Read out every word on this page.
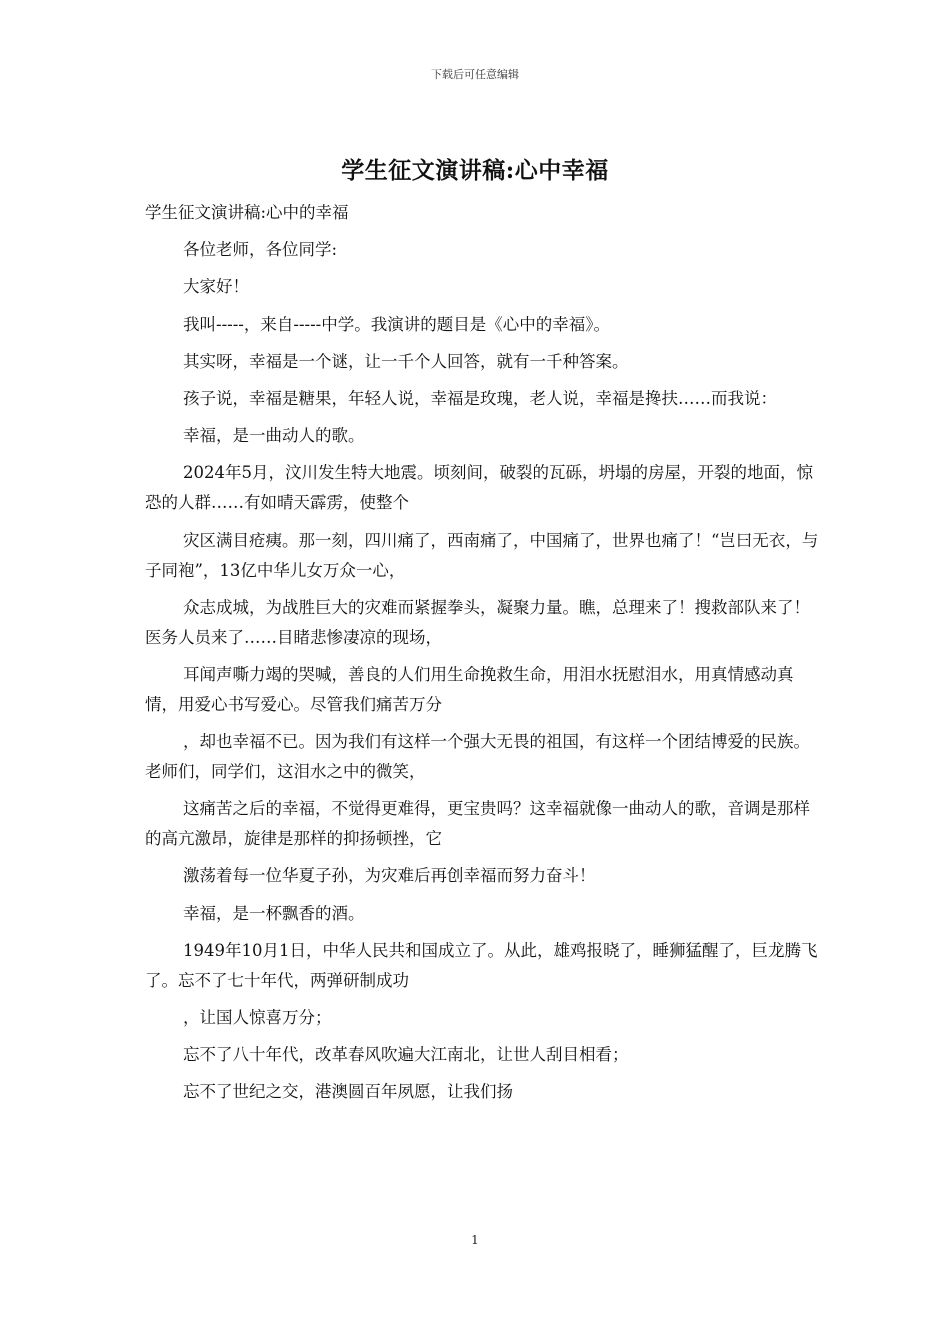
下载后可任意编辑
学生征文演讲稿:心中幸福

学生征文演讲稿:心中的幸福

各位老师，各位同学:

大家好！

我叫-----，来自-----中学。我演讲的题目是《心中的幸福》。

其实呀，幸福是一个谜，让一千个人回答，就有一千种答案。

孩子说，幸福是糖果，年轻人说，幸福是玫瑰，老人说，幸福是搀扶……而我说：

幸福，是一曲动人的歌。

2024年5月，汶川发生特大地震。顷刻间，破裂的瓦砾，坍塌的房屋，开裂的地面，惊恐的人群……有如晴天霹雳，使整个

灾区满目疮痍。那一刻，四川痛了，西南痛了，中国痛了，世界也痛了！“岂曰无衣，与子同袍”，13亿中华儿女万众一心，

众志成城，为战胜巨大的灾难而紧握拳头，凝聚力量。瞧，总理来了！搜救部队来了！医务人员来了……目睹悲惨凄凉的现场，

耳闻声嘶力竭的哭喊，善良的人们用生命挽救生命，用泪水抚慰泪水，用真情感动真情，用爱心书写爱心。尽管我们痛苦万分

，却也幸福不已。因为我们有这样一个强大无畏的祖国，有这样一个团结博爱的民族。老师们，同学们，这泪水之中的微笑，

这痛苦之后的幸福，不觉得更难得，更宝贵吗？这幸福就像一曲动人的歌，音调是那样的高亢激昂，旋律是那样的抑扬顿挫，它

激荡着每一位华夏子孙，为灾难后再创幸福而努力奋斗！

幸福，是一杯飘香的酒。

1949年10月1日，中华人民共和国成立了。从此，雄鸡报晓了，睡狮猛醒了，巨龙腾飞了。忘不了七十年代，两弹研制成功

，让国人惊喜万分；

忘不了八十年代，改革春风吹遍大江南北，让世人刮目相看；

忘不了世纪之交，港澳圆百年夙愿，让我们扬

1
